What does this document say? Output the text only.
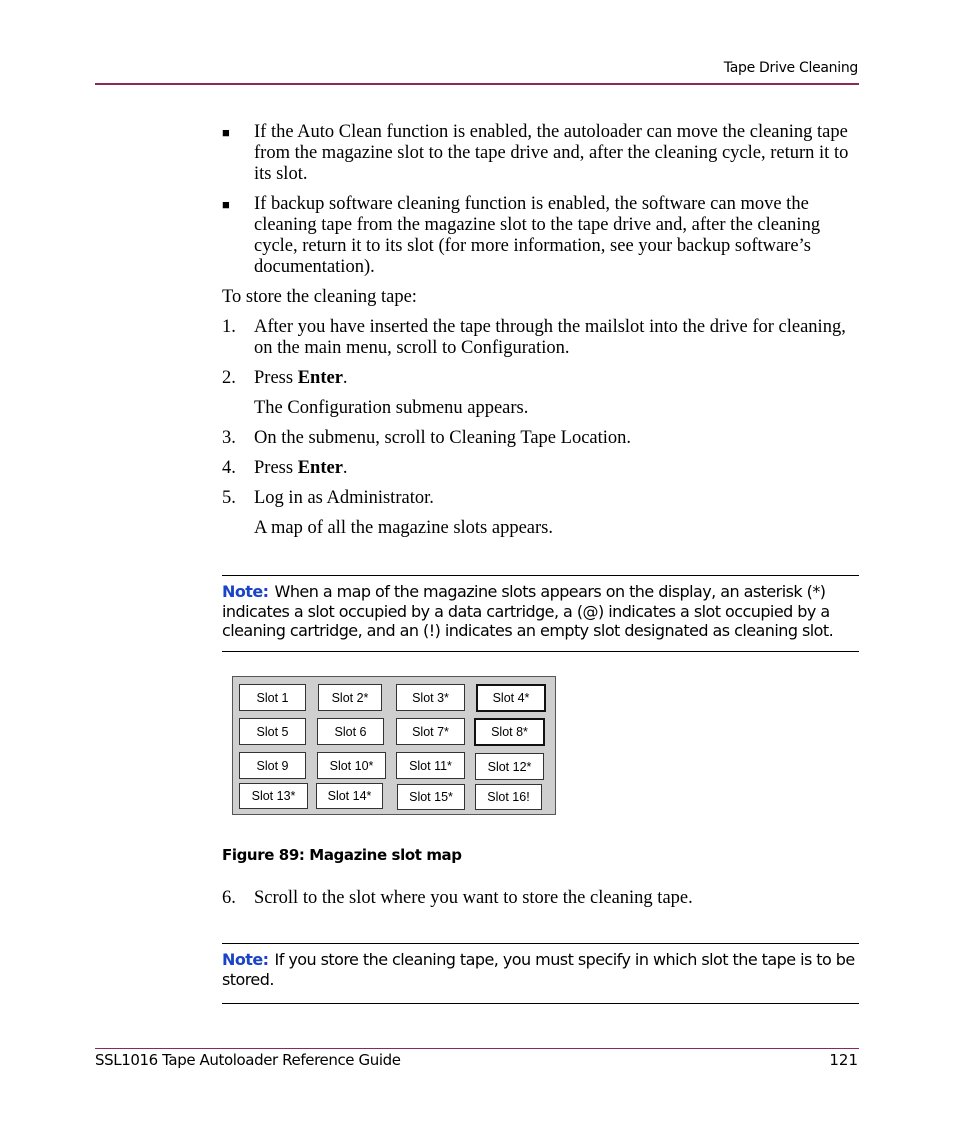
Tape Drive Cleaning
■	If the Auto Clean function is enabled, the autoloader can move the cleaning tape from the magazine slot to the tape drive and, after the cleaning cycle, return it to its slot.
■	If backup software cleaning function is enabled, the software can move the cleaning tape from the magazine slot to the tape drive and, after the cleaning cycle, return it to its slot (for more information, see your backup software’s documentation).
To store the cleaning tape:
1. After you have inserted the tape through the mailslot into the drive for cleaning, on the main menu, scroll to Configuration.
2. Press Enter.
The Configuration submenu appears.
3. On the submenu, scroll to Cleaning Tape Location.
4. Press Enter.
5. Log in as Administrator.
A map of all the magazine slots appears.
Note: When a map of the magazine slots appears on the display, an asterisk (*) indicates a slot occupied by a data cartridge, a (@) indicates a slot occupied by a cleaning cartridge, and an (!) indicates an empty slot designated as cleaning slot.
Slot 1	Slot 2*	Slot 3*	Slot 4*
Slot 5	Slot 6	Slot 7*	Slot 8*
Slot 9	Slot 10*	Slot 11*	Slot 12*
Slot 13*	Slot 14*	Slot 15*	Slot 16!
Figure 89: Magazine slot map
6. Scroll to the slot where you want to store the cleaning tape.
Note: If you store the cleaning tape, you must specify in which slot the tape is to be stored.
SSL1016 Tape Autoloader Reference Guide	121
